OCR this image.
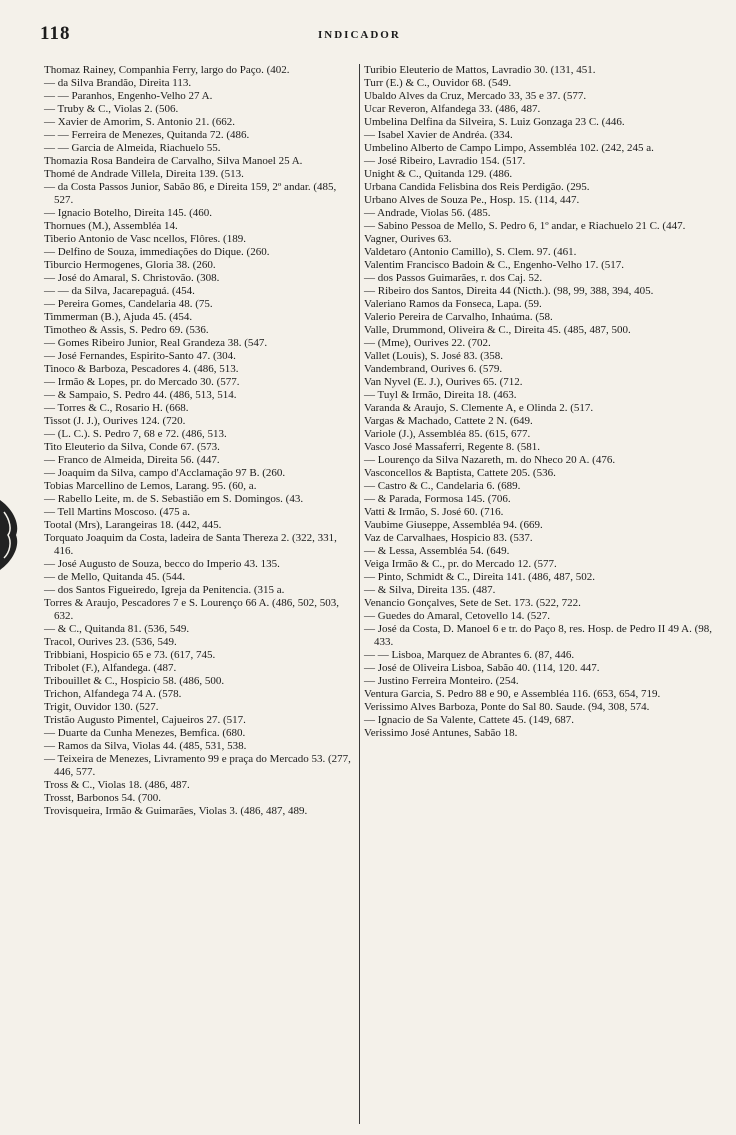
118	INDICADOR

Thomaz Rainey, Companhia Ferry, largo do Paço. (402.

— da Silva Brandão, Direita 113.

— — Paranhos, Engenho-Velho 27 A.

— Truby & C., Violas 2. (506.

— Xavier de Amorim, S. Antonio 21. (662.

— — Ferreira de Menezes, Quitanda 72. (486.

— — Garcia de Almeida, Riachuelo 55.

Thomazia Rosa Bandeira de Carvalho, Silva Manoel 25 A.

Thomé de Andrade Villela, Direita 139. (513.

— da Costa Passos Junior, Sabão 86, e Direita 159, 2º andar. (485, 527.

— Ignacio Botelho, Direita 145. (460.

Thornues (M.), Assembléa 14.

Tiberio Antonio de Vasc ncellos, Flôres. (189.

— Delfino de Souza, immediações do Dique. (260.

Tiburcio Hermogenes, Gloria 38. (260.

— José do Amaral, S. Christovão. (308.

— — da Silva, Jacarepaguá. (454.

— Pereira Gomes, Candelaria 48. (75.

Timmerman (B.), Ajuda 45. (454.

Timotheo & Assis, S. Pedro 69. (536.

— Gomes Ribeiro Junior, Real Grandeza 38. (547.

— José Fernandes, Espirito-Santo 47. (304.

Tinoco & Barboza, Pescadores 4. (486, 513.

— Irmão & Lopes, pr. do Mercado 30. (577.

— & Sampaio, S. Pedro 44. (486, 513, 514.

— Torres & C., Rosario H. (668.

Tissot (J. J.), Ourives 124. (720.

— (L. C.). S. Pedro 7, 68 e 72. (486, 513.

Tito Eleuterio da Silva, Conde 67. (573.

— Franco de Almeida, Direita 56. (447.

— Joaquim da Silva, campo d'Acclamação 97 B. (260.

Tobias Marcellino de Lemos, Larang. 95. (60, a.

— Rabello Leite, m. de S. Sebastião em S. Domingos. (43.

— Tell Martins Moscoso. (475 a.

Tootal (Mrs), Larangeiras 18. (442, 445.

Torquato Joaquim da Costa, ladeira de Santa Thereza 2. (322, 331, 416.

— José Augusto de Souza, becco do Imperio 43. 135.

— de Mello, Quitanda 45. (544.

— dos Santos Figueiredo, Igreja da Penitencia. (315 a.

Torres & Araujo, Pescadores 7 e S. Lourenço 66 A. (486, 502, 503, 632.

— & C., Quitanda 81. (536, 549.

Tracol, Ourives 23. (536, 549.

Tribbiani, Hospicio 65 e 73. (617, 745.

Tribolet (F.), Alfandega. (487.

Tribouillet & C., Hospicio 58. (486, 500.

Trichon, Alfandega 74 A. (578.

Trigit, Ouvidor 130. (527.

Tristão Augusto Pimentel, Cajueiros 27. (517.

— Duarte da Cunha Menezes, Bemfica. (680.

— Ramos da Silva, Violas 44. (485, 531, 538.

— Teixeira de Menezes, Livramento 99 e praça do Mercado 53. (277, 446, 577.

Tross & C., Violas 18. (486, 487.

Trosst, Barbonos 54. (700.

Trovisqueira, Irmão & Guimarães, Violas 3. (486, 487, 489.

Turibio Eleuterio de Mattos, Lavradio 30. (131, 451.

Turr (E.) & C., Ouvidor 68. (549.

Ubaldo Alves da Cruz, Mercado 33, 35 e 37. (577.

Ucar Reveron, Alfandega 33. (486, 487.

Umbelina Delfina da Silveira, S. Luiz Gonzaga 23 C. (446.

— Isabel Xavier de Andréa. (334.

Umbelino Alberto de Campo Limpo, Assembléa 102. (242, 245 a.

— José Ribeiro, Lavradio 154. (517.

Unight & C., Quitanda 129. (486.

Urbana Candida Felisbina dos Reis Perdigão. (295.

Urbano Alves de Souza Pe., Hosp. 15. (114, 447.

— Andrade, Violas 56. (485.

— Sabino Pessoa de Mello, S. Pedro 6, 1º andar, e Riachuelo 21 C. (447.

Vagner, Ourives 63.

Valdetaro (Antonio Camillo), S. Clem. 97. (461.

Valentim Francisco Badoin & C., Engenho-Velho 17. (517.

— dos Passos Guimarães, r. dos Caj. 52.

— Ribeiro dos Santos, Direita 44 (Nicth.). (98, 99, 388, 394, 405.

Valeriano Ramos da Fonseca, Lapa. (59.

Valerio Pereira de Carvalho, Inhaúma. (58.

Valle, Drummond, Oliveira & C., Direita 45. (485, 487, 500.

— (Mme), Ourives 22. (702.

Vallet (Louis), S. José 83. (358.

Vandembrand, Ourives 6. (579.

Van Nyvel (E. J.), Ourives 65. (712.

— Tuyl & Irmão, Direita 18. (463.

Varanda & Araujo, S. Clemente A, e Olinda 2. (517.

Vargas & Machado, Cattete 2 N. (649.

Variole (J.), Assembléa 85. (615, 677.

Vasco José Massaferri, Regente 8. (581.

— Lourenço da Silva Nazareth, m. do Nheco 20 A. (476.

Vasconcellos & Baptista, Cattete 205. (536.

— Castro & C., Candelaria 6. (689.

— & Parada, Formosa 145. (706.

Vatti & Irmão, S. José 60. (716.

Vaubime Giuseppe, Assembléa 94. (669.

Vaz de Carvalhaes, Hospicio 83. (537.

— & Lessa, Assembléa 54. (649.

Veiga Irmão & C., pr. do Mercado 12. (577.

— Pinto, Schmidt & C., Direita 141. (486, 487, 502.

— & Silva, Direita 135. (487.

Venancio Gonçalves, Sete de Set. 173. (522, 722.

— Guedes do Amaral, Cetovello 14. (527.

— José da Costa, D. Manoel 6 e tr. do Paço 8, res. Hosp. de Pedro II 49 A. (98, 433.

— — Lisboa, Marquez de Abrantes 6. (87, 446.

— José de Oliveira Lisboa, Sabão 40. (114, 120. 447.

— Justino Ferreira Monteiro. (254.

Ventura Garcia, S. Pedro 88 e 90, e Assembléa 116. (653, 654, 719.

Verissimo Alves Barboza, Ponte do Sal 80. Saude. (94, 308, 574.

— Ignacio de Sa Valente, Cattete 45. (149, 687.

Verissimo José Antunes, Sabão 18.
